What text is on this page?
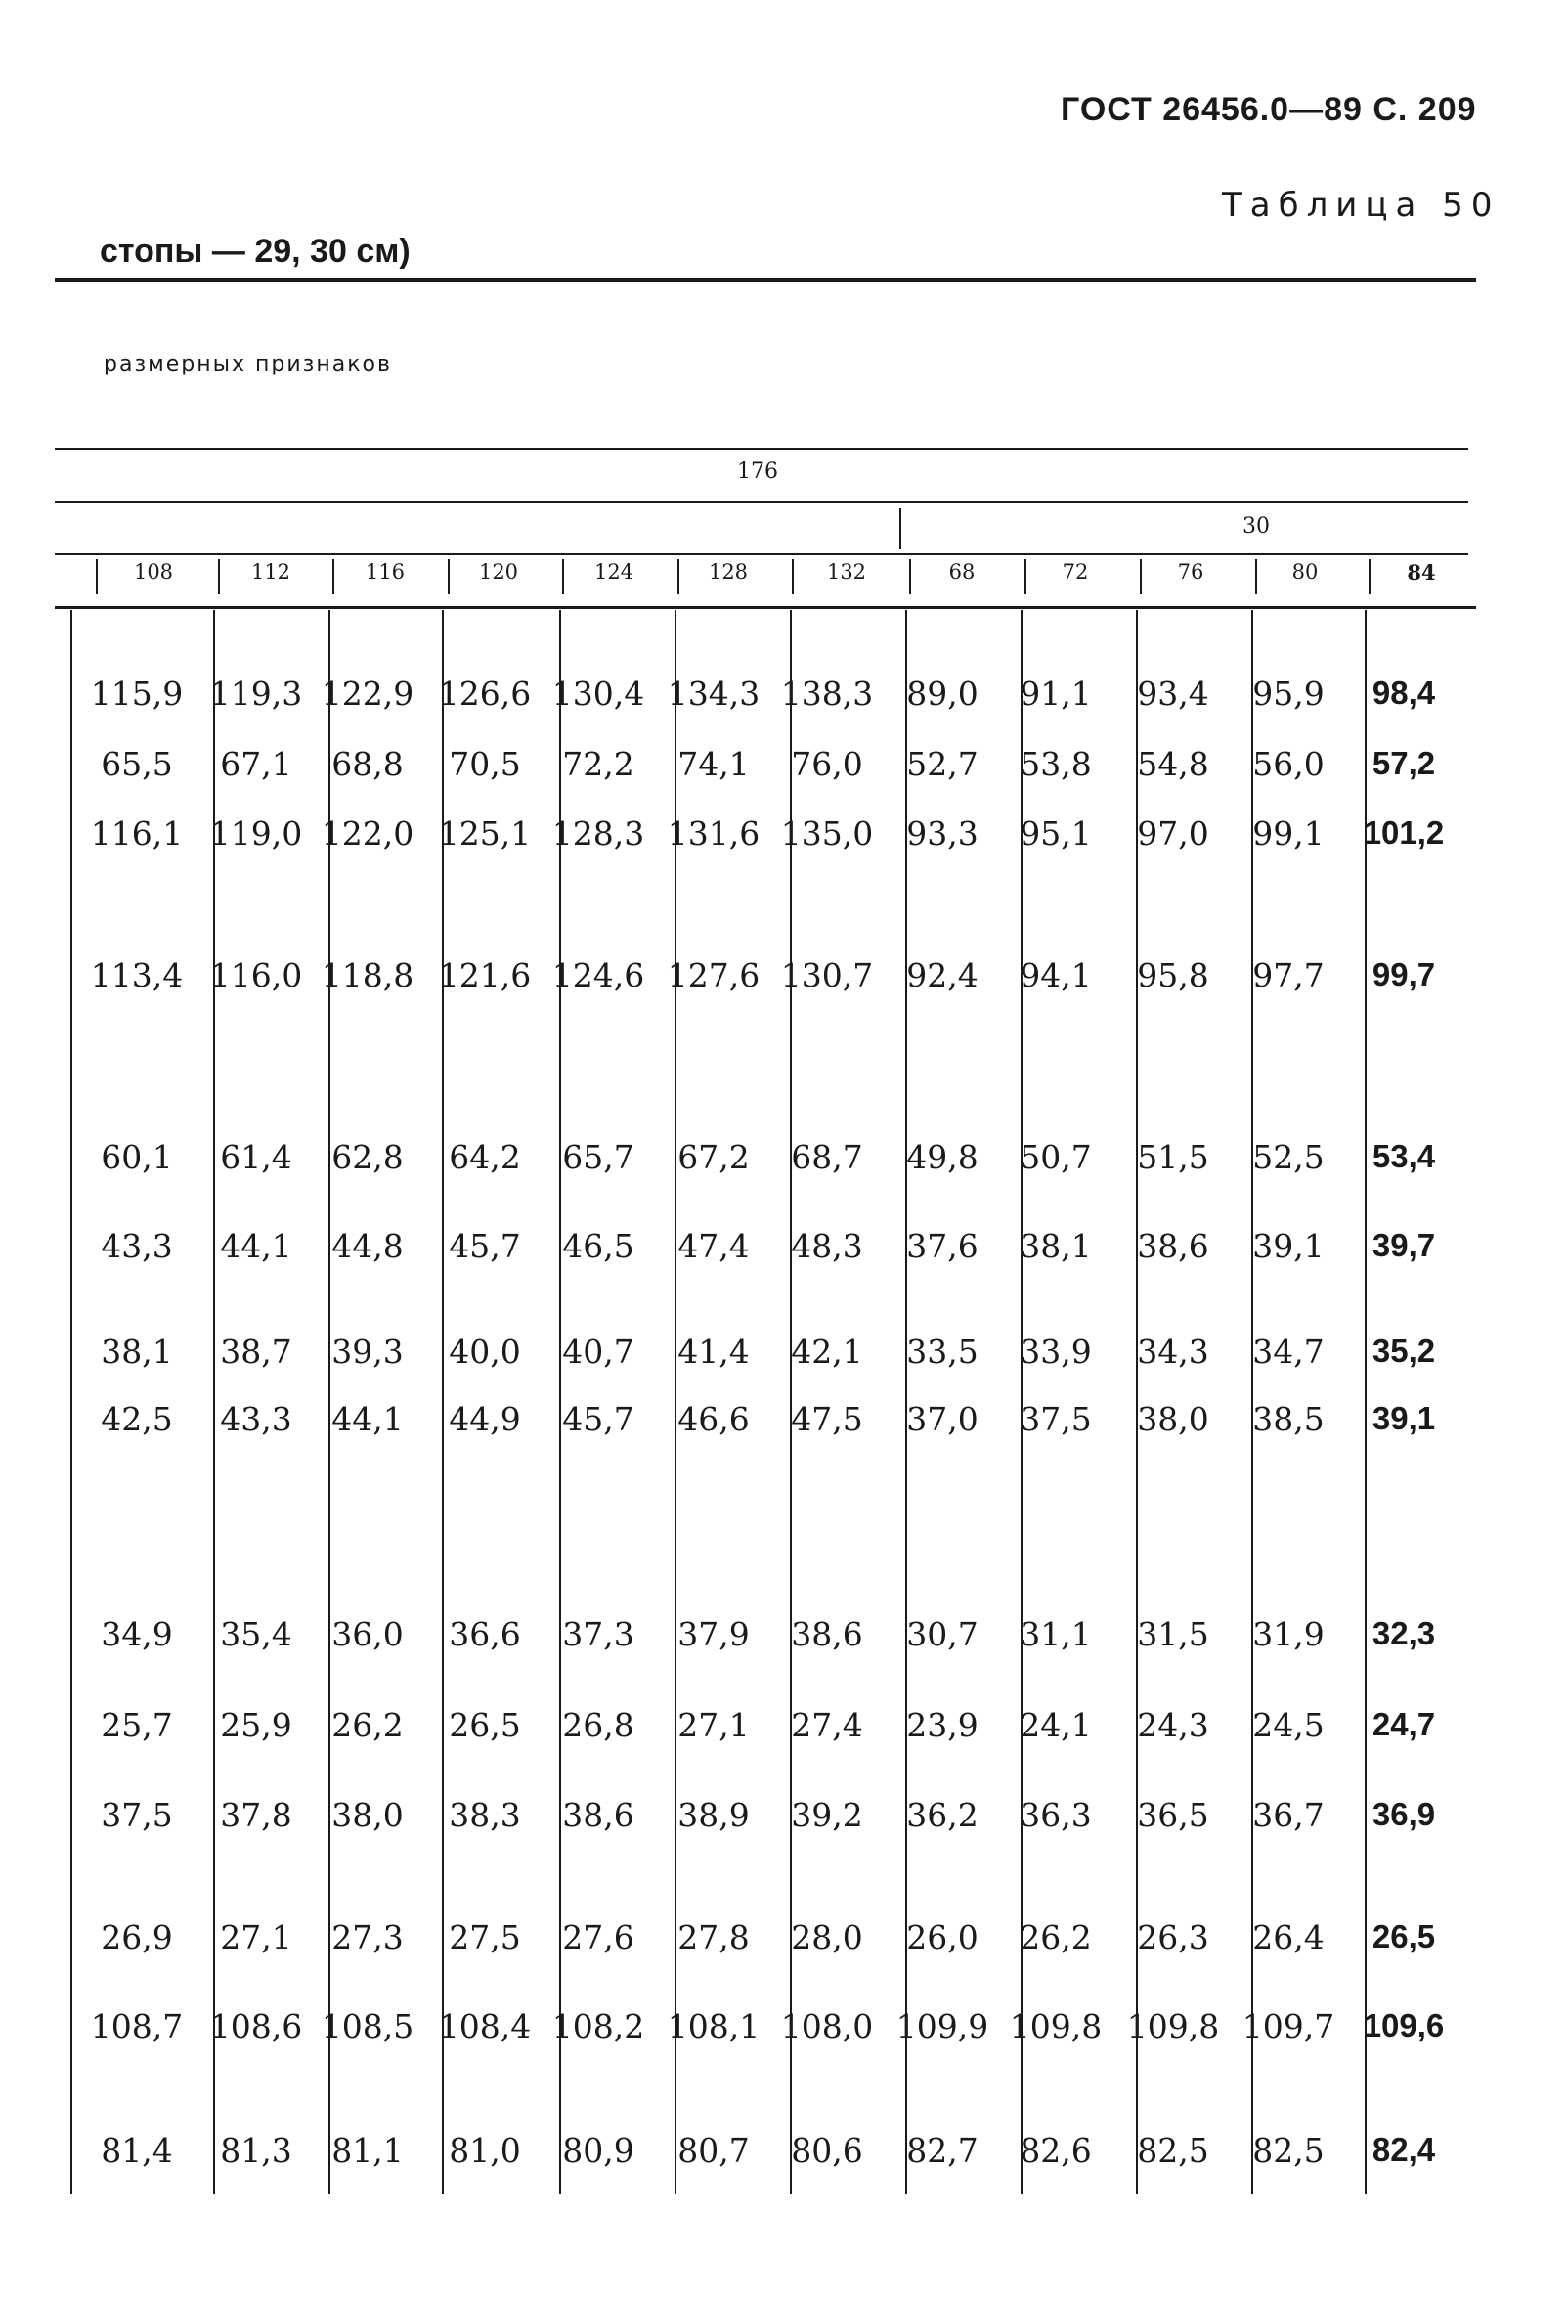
ГОСТ 26456.0—89 С. 209
Таблица 50
стопы — 29, 30 см)
размерных признаков
176
30
108	112	116	120	124	128	132	68	72	76	80	84
115,9 119,3 122,9 126,6 130,4 134,3 138,3	89,0	91,1	93,4	95,9	98,4
65,5	67,1	68,8	70,5	72,2	74,1	76,0	52,7	53,8	54,8	56,0	57,2
116,1 119,0 122,0 125,1 128,3 131,6 135,0	93,3	95,1	97,0	99,1	101,2
113,4 116,0 118,8 121,6 124,6 127,6 130,7	92,4	94,1	95,8	97,7	99,7
60,1	61,4	62,8	64,2	65,7	67,2	68,7	49,8	50,7	51,5	52,5	53,4
43,3	44,1	44,8	45,7	46,5	47,4	48,3	37,6	38,1	38,6	39,1	39,7
38,1	38,7	39,3	40,0	40,7	41,4	42,1	33,5	33,9	34,3	34,7	35,2
42,5	43,3	44,1	44,9	45,7	46,6	47,5	37,0	37,5	38,0	38,5	39,1
34,9	35,4	36,0	36,6	37,3	37,9	38,6	30,7	31,1	31,5	31,9	32,3
25,7	25,9	26,2	26,5	26,8	27,1	27,4	23,9	24,1	24,3	24,5	24,7
37,5	37,8	38,0	38,3	38,6	38,9	39,2	36,2	36,3	36,5	36,7	36,9
26,9	27,1	27,3	27,5	27,6	27,8	28,0	26,0	26,2	26,3	26,4	26,5
108,7 108,6 108,5 108,4 108,2 108,1 108,0 109,9 109,8 109,8 109,7 109,6
81,4	81,3	81,1	81,0	80,9	80,7	80,6	82,7	82,6	82,5	82,5	82,4
